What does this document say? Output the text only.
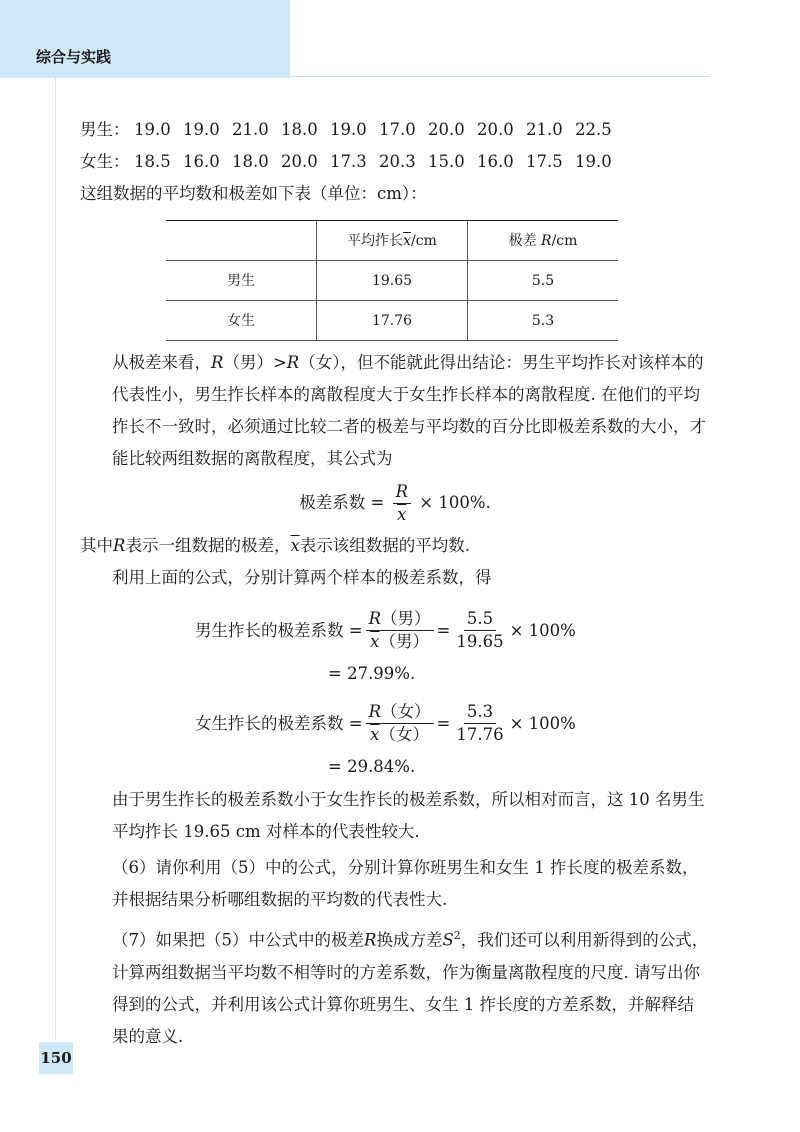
综合与实践
男生： 19.0 19.0 21.0 18.0 19.0 17.0 20.0 20.0 21.0 22.5
女生： 18.5 16.0 18.0 20.0 17.3 20.3 15.0 16.0 17.5 19.0

这组数据的平均数和极差如下表（单位：cm）：

	平均拃长$\overline{x}/cm$	极差 R/cm
男生	19.65	5.5
女生	17.76	5.3

从极差来看，R（男）>R（女），但不能就此得出结论：男生平均拃长对该样本的代表性小，男生拃长样本的离散程度大于女生拃长样本的离散程度. 在他们的平均拃长不一致时，必须通过比较二者的极差与平均数的百分比即极差系数的大小，才能比较两组数据的离散程度，其公式为

极差系数 = $\frac{R}{x} \times 100\%$.

其中R表示一组数据的极差，$\overline{x}$表示该组数据的平均数.

利用上面的公式，分别计算两个样本的极差系数，得

男生拃长的极差系数 = $\frac{\text{R（男）}}{\overline{x}(男)} = \frac{5.5}{19.65} \times 100\%$
= 27.99%.
女生拃长的极差系数 = $\frac{\text{R（女）}}{\overline{x}(女)} = \frac{5.3}{17.76} \times 100\%$
= 29.84%.

由于男生拃长的极差系数小于女生拃长的极差系数，所以相对而言，这 10 名男生平均拃长 19.65 cm 对样本的代表性较大.

（6）请你利用（5）中的公式，分别计算你班男生和女生 1 拃长度的极差系数，并根据结果分析哪组数据的平均数的代表性大.

（7）如果把（5）中公式中的极差R换成方差$S^2$，我们还可以利用新得到的公式，计算两组数据当平均数不相等时的方差系数，作为衡量离散程度的尺度. 请写出你得到的公式，并利用该公式计算你班男生、女生 1 拃长度的方差系数，并解释结果的意义.

150
